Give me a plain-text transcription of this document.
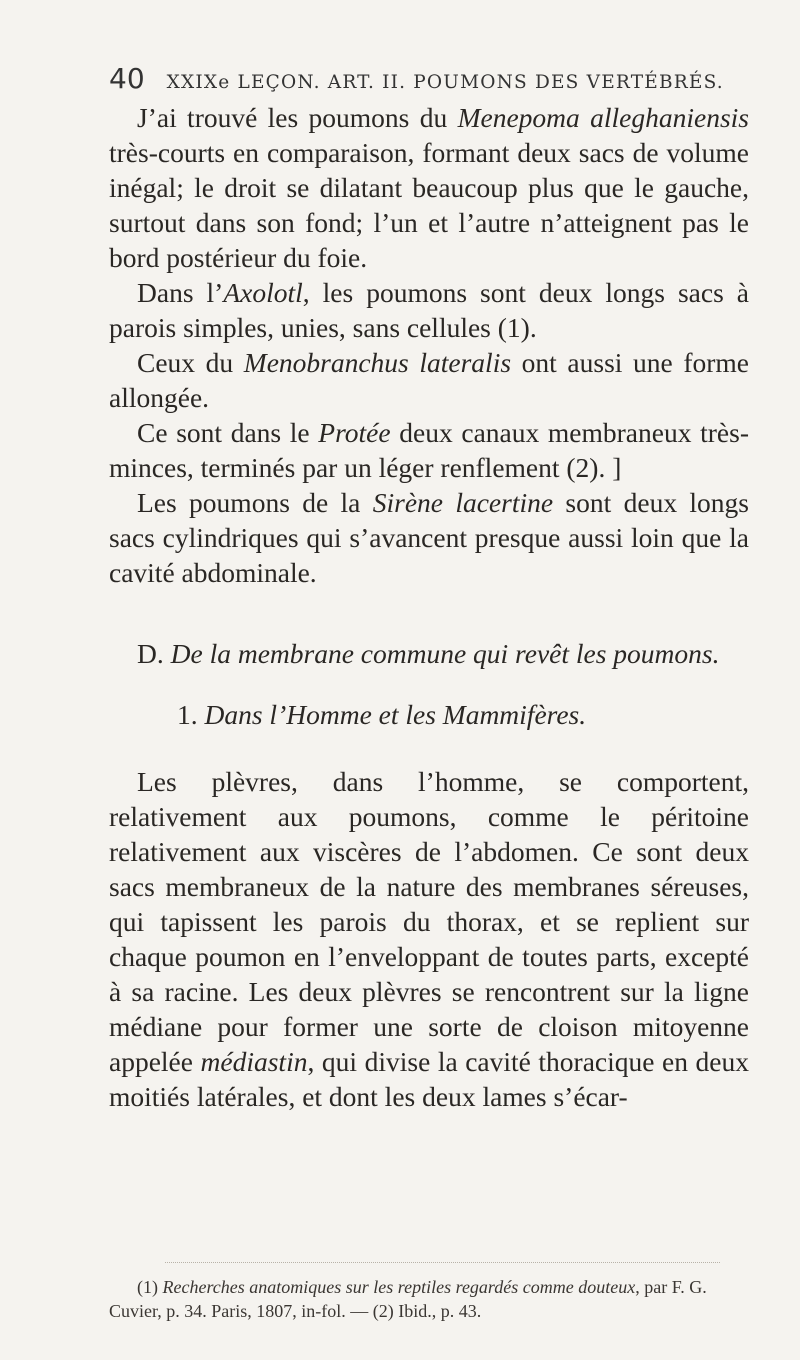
40 XXIXe LEÇON. ART. II. POUMONS DES VERTÉBRÉS.

J’ai trouvé les poumons du Menepoma alleghaniensis très-courts en comparaison, formant deux sacs de volume inégal; le droit se dilatant beaucoup plus que le gauche, surtout dans son fond; l’un et l’autre n’atteignent pas le bord postérieur du foie.

Dans l’Axolotl, les poumons sont deux longs sacs à parois simples, unies, sans cellules (1).

Ceux du Menobranchus lateralis ont aussi une forme allongée.

Ce sont dans le Protée deux canaux membraneux très-minces, terminés par un léger renflement (2). ]

Les poumons de la Sirène lacertine sont deux longs sacs cylindriques qui s’avancent presque aussi loin que la cavité abdominale.

D. De la membrane commune qui revêt les poumons.

1. Dans l’Homme et les Mammifères.

Les plèvres, dans l’homme, se comportent, relativement aux poumons, comme le péritoine relativement aux viscères de l’abdomen. Ce sont deux sacs membraneux de la nature des membranes séreuses, qui tapissent les parois du thorax, et se replient sur chaque poumon en l’enveloppant de toutes parts, excepté à sa racine. Les deux plèvres se rencontrent sur la ligne médiane pour former une sorte de cloison mitoyenne appelée médiastin, qui divise la cavité thoracique en deux moitiés latérales, et dont les deux lames s’écar-

(1) Recherches anatomiques sur les reptiles regardés comme douteux, par F. G. Cuvier, p. 34. Paris, 1807, in-fol. — (2) Ibid., p. 43.
